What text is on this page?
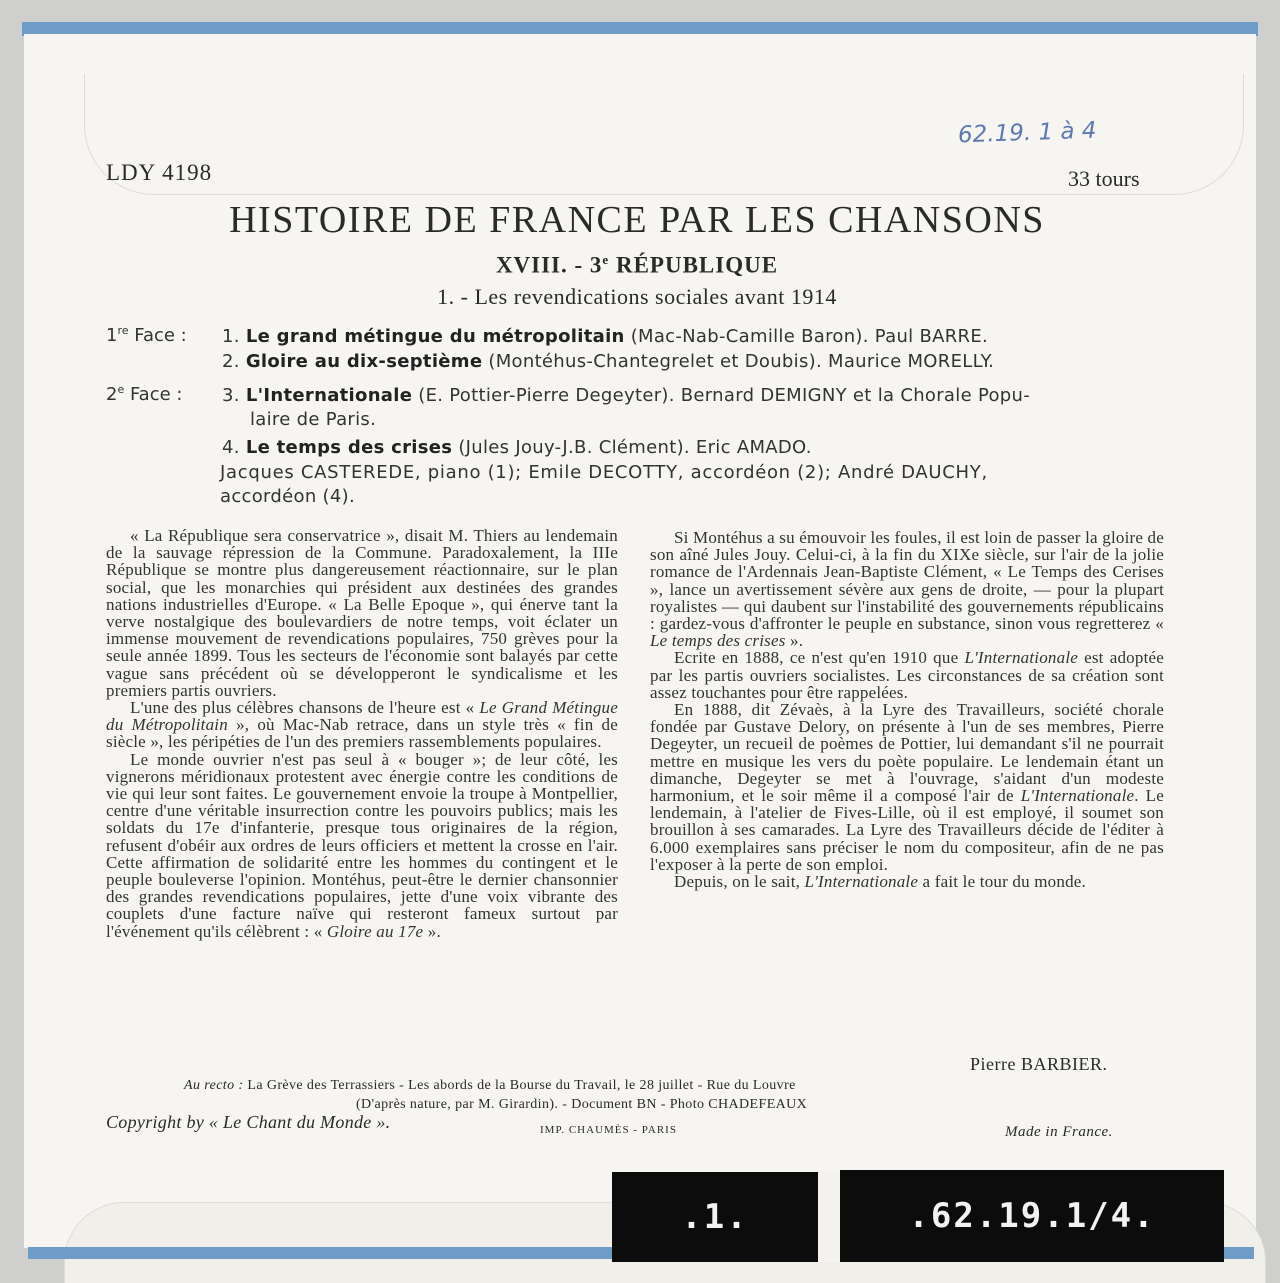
62.19. 1 à 4
LDY 4198	33 tours
HISTOIRE DE FRANCE PAR LES CHANSONS
XVIII. - 3e RÉPUBLIQUE
1. - Les revendications sociales avant 1914
1re Face : 1. Le grand métingue du métropolitain (Mac-Nab-Camille Baron). Paul BARRE.
2. Gloire au dix-septième (Montéhus-Chantegrelet et Doubis). Maurice MORELLY.
2e Face : 3. L'Internationale (E. Pottier-Pierre Degeyter). Bernard DEMIGNY et la Chorale Popu-
laire de Paris.
4. Le temps des crises (Jules Jouy-J.B. Clément). Eric AMADO.
Jacques CASTEREDE, piano (1); Emile DECOTTY, accordéon (2); André DAUCHY,
accordéon (4).

« La République sera conservatrice », disait M. Thiers au lendemain de la sauvage répression de la Commune. Paradoxalement, la IIIe République se montre plus dangereusement réactionnaire, sur le plan social, que les monarchies qui président aux destinées des grandes nations industrielles d'Europe. « La Belle Epoque », qui énerve tant la verve nostalgique des boulevardiers de notre temps, voit éclater un immense mouvement de revendications populaires, 750 grèves pour la seule année 1899. Tous les secteurs de l'économie sont balayés par cette vague sans précédent où se développeront le syndicalisme et les premiers partis ouvriers.

L'une des plus célèbres chansons de l'heure est « Le Grand Métingue du Métropolitain », où Mac-Nab retrace, dans un style très « fin de siècle », les péripéties de l'un des premiers rassemblements populaires.

Le monde ouvrier n'est pas seul à « bouger »; de leur côté, les vignerons méridionaux protestent avec énergie contre les conditions de vie qui leur sont faites. Le gouvernement envoie la troupe à Montpellier, centre d'une véritable insurrection contre les pouvoirs publics; mais les soldats du 17e d'infanterie, presque tous originaires de la région, refusent d'obéir aux ordres de leurs officiers et mettent la crosse en l'air. Cette affirmation de solidarité entre les hommes du contingent et le peuple bouleverse l'opinion. Montéhus, peut-être le dernier chansonnier des grandes revendications populaires, jette d'une voix vibrante des couplets d'une facture naïve qui resteront fameux surtout par l'événement qu'ils célèbrent : « Gloire au 17e ».

Si Montéhus a su émouvoir les foules, il est loin de passer la gloire de son aîné Jules Jouy. Celui-ci, à la fin du XIXe siècle, sur l'air de la jolie romance de l'Ardennais Jean-Baptiste Clément, « Le Temps des Cerises », lance un avertissement sévère aux gens de droite, — pour la plupart royalistes — qui daubent sur l'instabilité des gouvernements républicains : gardez-vous d'affronter le peuple en substance, sinon vous regretterez « Le temps des crises ».

Ecrite en 1888, ce n'est qu'en 1910 que L'Internationale est adoptée par les partis ouvriers socialistes. Les circonstances de sa création sont assez touchantes pour être rappelées.

En 1888, dit Zévaès, à la Lyre des Travailleurs, société chorale fondée par Gustave Delory, on présente à l'un de ses membres, Pierre Degeyter, un recueil de poèmes de Pottier, lui demandant s'il ne pourrait mettre en musique les vers du poète populaire. Le lendemain étant un dimanche, Degeyter se met à l'ouvrage, s'aidant d'un modeste harmonium, et le soir même il a composé l'air de L'Internationale. Le lendemain, à l'atelier de Fives-Lille, où il est employé, il soumet son brouillon à ses camarades. La Lyre des Travailleurs décide de l'éditer à 6.000 exemplaires sans préciser le nom du compositeur, afin de ne pas l'exposer à la perte de son emploi.

Depuis, on le sait, L'Internationale a fait le tour du monde.

Pierre BARBIER.
Au recto : La Grève des Terrassiers - Les abords de la Bourse du Travail, le 28 juillet - Rue du Louvre
(D'après nature, par M. Girardin). - Document BN - Photo CHADEFEAUX
Copyright by « Le Chant du Monde ».	IMP. CHAUMÈS - PARIS	Made in France.
.1.	.62.19.1/4.
